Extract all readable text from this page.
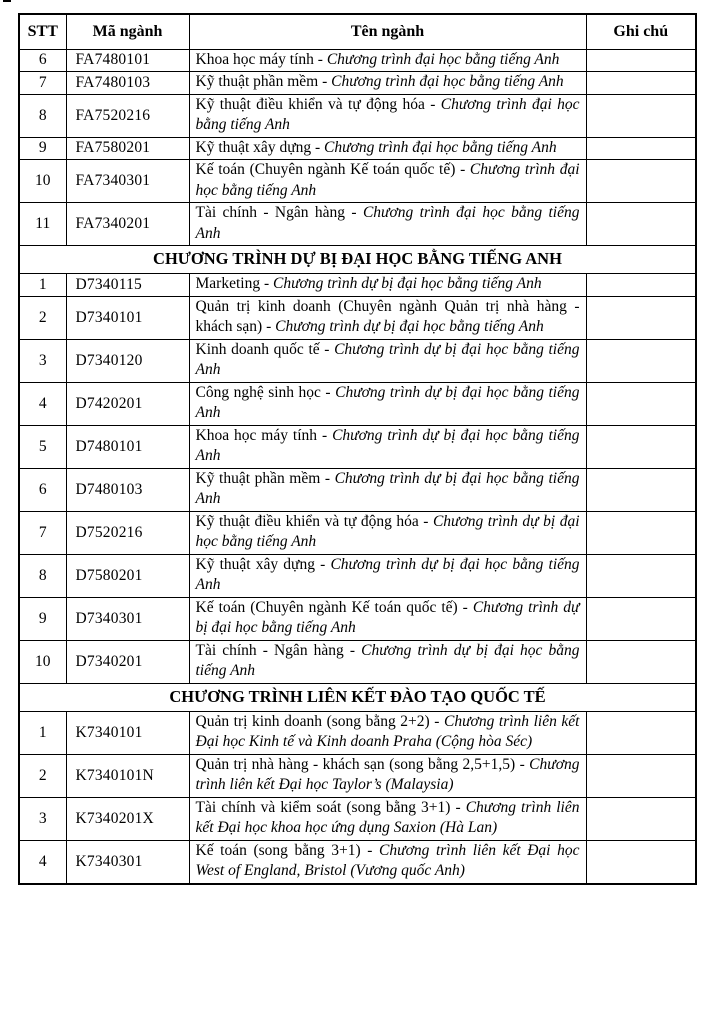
STT	Mã ngành	Tên ngành	Ghi chú
6	FA7480101	Khoa học máy tính - Chương trình đại học bằng tiếng Anh	
7	FA7480103	Kỹ thuật phần mềm - Chương trình đại học bằng tiếng Anh	
8	FA7520216	Kỹ thuật điều khiển và tự động hóa - Chương trình đại học bằng tiếng Anh	
9	FA7580201	Kỹ thuật xây dựng - Chương trình đại học bằng tiếng Anh	
10	FA7340301	Kế toán (Chuyên ngành Kế toán quốc tế) - Chương trình đại học bằng tiếng Anh	
11	FA7340201	Tài chính - Ngân hàng - Chương trình đại học bằng tiếng Anh	
CHƯƠNG TRÌNH DỰ BỊ ĐẠI HỌC BẰNG TIẾNG ANH			
1	D7340115	Marketing - Chương trình dự bị đại học bằng tiếng Anh	
2	D7340101	Quản trị kinh doanh (Chuyên ngành Quản trị nhà hàng - khách sạn) - Chương trình dự bị đại học bằng tiếng Anh	
3	D7340120	Kinh doanh quốc tế - Chương trình dự bị đại học bằng tiếng Anh	
4	D7420201	Công nghệ sinh học - Chương trình dự bị đại học bằng tiếng Anh	
5	D7480101	Khoa học máy tính - Chương trình dự bị đại học bằng tiếng Anh	
6	D7480103	Kỹ thuật phần mềm - Chương trình dự bị đại học bằng tiếng Anh	
7	D7520216	Kỹ thuật điều khiển và tự động hóa - Chương trình dự bị đại học bằng tiếng Anh	
8	D7580201	Kỹ thuật xây dựng - Chương trình dự bị đại học bằng tiếng Anh	
9	D7340301	Kế toán (Chuyên ngành Kế toán quốc tế) - Chương trình dự bị đại học bằng tiếng Anh	
10	D7340201	Tài chính - Ngân hàng - Chương trình dự bị đại học bằng tiếng Anh	
CHƯƠNG TRÌNH LIÊN KẾT ĐÀO TẠO QUỐC TẾ			
1	K7340101	Quản trị kinh doanh (song bằng 2+2) - Chương trình liên kết Đại học Kinh tế và Kinh doanh Praha (Cộng hòa Séc)	
2	K7340101N	Quản trị nhà hàng - khách sạn (song bằng 2,5+1,5) - Chương trình liên kết Đại học Taylor’s (Malaysia)	
3	K7340201X	Tài chính và kiểm soát (song bằng 3+1) - Chương trình liên kết Đại học khoa học ứng dụng Saxion (Hà Lan)	
4	K7340301	Kế toán (song bằng 3+1) - Chương trình liên kết Đại học West of England, Bristol (Vương quốc Anh)	
